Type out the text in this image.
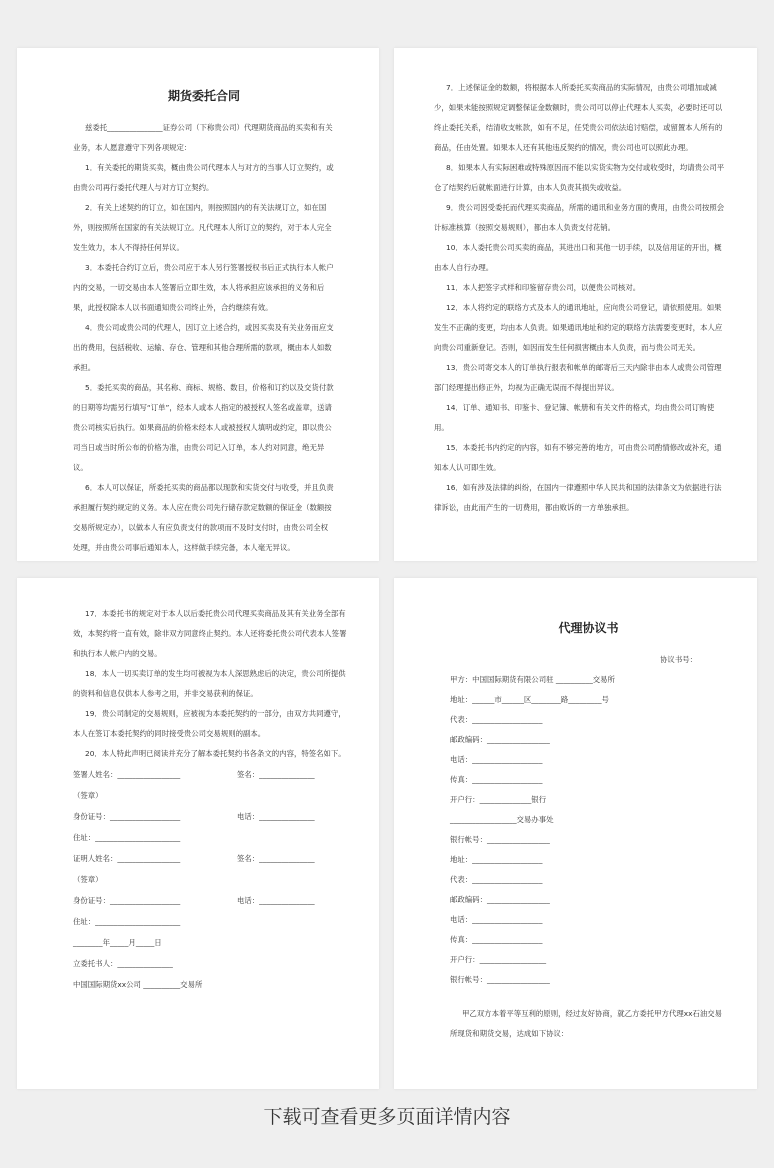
期货委托合同

兹委托_______________证券公司（下称贵公司）代理期货商品的买卖和有关业务，本人愿意遵守下列各项规定：

1．有关委托的期货买卖，概由贵公司代理本人与对方的当事人订立契约，或由贵公司再行委托代理人与对方订立契约。

2．有关上述契约的订立，如在国内，则按照国内的有关法规订立，如在国外，则按照所在国家的有关法规订立。凡代理本人所订立的契约，对于本人完全发生效力，本人不得持任何异议。

3．本委托合约订立后，贵公司应于本人另行签署授权书后正式执行本人帐户内的交易，一切交易由本人签署后立即生效，本人将承担应该承担的义务和后果，此授权除本人以书面通知贵公司终止外，合约继续有效。

4．贵公司或贵公司的代理人，因订立上述合约，或因买卖及有关业务而应支出的费用，包括税收、运输、存仓、管理和其他合理所需的款项，概由本人如数承担。

5．委托买卖的商品，其名称、商标、规格、数目，价格和订约以及交货付款的日期等均需另行填写“订单”，经本人或本人指定的被授权人签名或盖章，送请贵公司核实后执行。如果商品的价格未经本人或被授权人填明或约定，即以贵公司当日或当时所公布的价格为准，由贵公司记入订单，本人约对同意，绝无异议。

6．本人可以保证，所委托买卖的商品都以现款和实货交付与收受，并且负责承担履行契约规定的义务。本人应在贵公司先行储存款定数额的保证金（数额按交易所规定办），以做本人有应负责支付的款项而不及时支付时，由贵公司全权处理，并由贵公司事后通知本人，这样做手续完备，本人毫无异议。

7．上述保证金的数额，将根据本人所委托买卖商品的实际情况，由贵公司增加或减少，如果未能按照规定调整保证金数额时，贵公司可以停止代理本人买卖，必要时还可以终止委托关系，结清收支帐款，如有不足，任凭贵公司依法追讨赔偿，或留置本人所有的商品，任由处置。如果本人还有其他违反契约的情况，贵公司也可以照此办理。

8．如果本人有实际困难或特殊原因而不能以实货实物为交付或收受时，均请贵公司平仓了结契约后就帐面进行计算，由本人负责其损失或收益。

9．贵公司因受委托而代理买卖商品，所需的通讯和业务方面的费用，由贵公司按照会计标准核算（按照交易规则），都由本人负责支付花销。

10．本人委托贵公司买卖的商品，其进出口和其他一切手续，以及信用证的开出，概由本人自行办理。

11．本人把签字式样和印鉴留存贵公司，以便贵公司核对。

12．本人将约定的联络方式及本人的通讯地址，应向贵公司登记，请依照使用。如果发生不正确的变更，均由本人负责。如果通讯地址和约定的联络方法需要变更时，本人应向贵公司重新登记。否则，如因而发生任何损害概由本人负责，而与贵公司无关。

13．贵公司寄交本人的订单执行报表和帐单的邮寄后三天内除非由本人或贵公司管理部门经理提出修正外，均视为正确无误而不得提出异议。

14．订单、通知书、印鉴卡、登记簿、帐册和有关文件的格式，均由贵公司订购使用。

15．本委托书内约定的内容，如有不够完善的地方，可由贵公司酌情修改或补充，通知本人认可即生效。

16．如有涉及法律的纠纷，在国内一律遵照中华人民共和国的法律条文为依据进行法律诉讼，由此而产生的一切费用，都由败诉的一方单独承担。

17．本委托书的规定对于本人以后委托贵公司代理买卖商品及其有关业务全部有效，本契约将一直有效，除非双方同意终止契约。本人还将委托贵公司代表本人签署和执行本人帐户内的交易。

18．本人一切买卖订单的发生均可被视为本人深思熟虑后的决定，贵公司所提供的资料和信息仅供本人参考之用，并非交易获利的保证。

19．贵公司制定的交易规则，应被视为本委托契约的一部分，由双方共同遵守，本人在签订本委托契约的同时接受贵公司交易规则的副本。

20．本人特此声明已阅读并充分了解本委托契约书各条文的内容，特签名如下。

签署人姓名：_________________	签名：_______________
（签章）
身份证号：___________________	电话：_______________
住址：_______________________
证明人姓名：_________________	签名：_______________
（签章）
身份证号：___________________	电话：_______________
住址：_______________________
________年_____月_____日
立委托书人：_______________
中国国际期货xx公司 __________交易所
代理协议书
协议书号：
甲方：中国国际期货有限公司驻 __________交易所
地址：______市______区________路_________号
代表：___________________
邮政编码：_________________
电话：___________________
传真：___________________
开户行：______________银行
__________________交易办事处
银行帐号：_________________
地址：___________________
代表：___________________
邮政编码：_________________
电话：___________________
传真：___________________
开户行：__________________
银行帐号：_________________

甲乙双方本着平等互利的原则，经过友好协商，就乙方委托甲方代理xx石油交易所现货和期货交易，达成如下协议：

下载可查看更多页面详情内容
